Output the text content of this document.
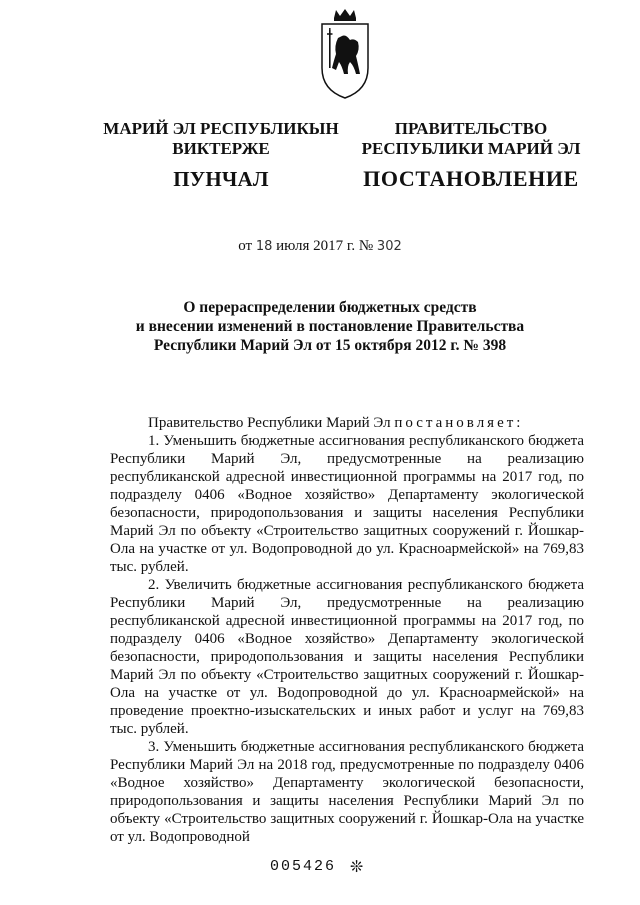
МАРИЙ ЭЛ РЕСПУБЛИКЫН
ВИКТЕРЖЕ
ПУНЧАЛ
ПРАВИТЕЛЬСТВО
РЕСПУБЛИКИ МАРИЙ ЭЛ
ПОСТАНОВЛЕНИЕ
от 18 июля 2017 г. № 302
О перераспределении бюджетных средств
и внесении изменений в постановление Правительства
Республики Марий Эл от 15 октября 2012 г. № 398

Правительство Республики Марий Эл постановляет:

1. Уменьшить бюджетные ассигнования республиканского бюджета Республики Марий Эл, предусмотренные на реализацию республиканской адресной инвестиционной программы на 2017 год, по подразделу 0406 «Водное хозяйство» Департаменту экологической безопасности, природопользования и защиты населения Республики Марий Эл по объекту «Строительство защитных сооружений г. Йошкар-Ола на участке от ул. Водопроводной до ул. Красноармейской» на 769,83 тыс. рублей.

2. Увеличить бюджетные ассигнования республиканского бюджета Республики Марий Эл, предусмотренные на реализацию республиканской адресной инвестиционной программы на 2017 год, по подразделу 0406 «Водное хозяйство» Департаменту экологической безопасности, природопользования и защиты населения Республики Марий Эл по объекту «Строительство защитных сооружений г. Йошкар-Ола на участке от ул. Водопроводной до ул. Красноармейской» на проведение проектно-изыскательских и иных работ и услуг на 769,83 тыс. рублей.

3. Уменьшить бюджетные ассигнования республиканского бюджета Республики Марий Эл на 2018 год, предусмотренные по подразделу 0406 «Водное хозяйство» Департаменту экологической безопасности, природопользования и защиты населения Республики Марий Эл по объекту «Строительство защитных сооружений г. Йошкар-Ола на участке от ул. Водопроводной

005426 ❊
